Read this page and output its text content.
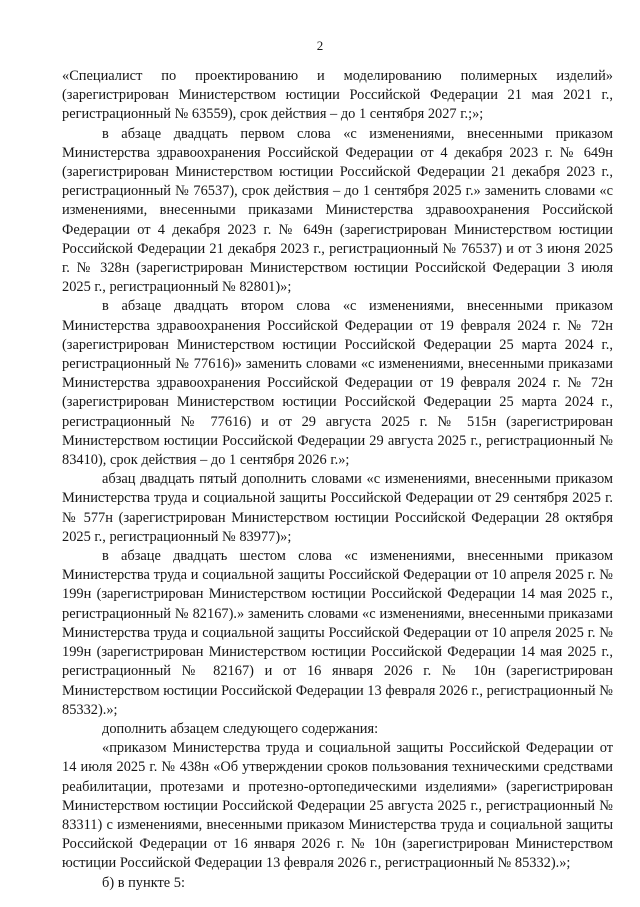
2

«Специалист по проектированию и моделированию полимерных изделий» (зарегистрирован Министерством юстиции Российской Федерации 21 мая 2021 г., регистрационный № 63559), срок действия – до 1 сентября 2027 г.;»;

в абзаце двадцать первом слова «с изменениями, внесенными приказом Министерства здравоохранения Российской Федерации от 4 декабря 2023 г. № 649н (зарегистрирован Министерством юстиции Российской Федерации 21 декабря 2023 г., регистрационный № 76537), срок действия – до 1 сентября 2025 г.» заменить словами «с изменениями, внесенными приказами Министерства здравоохранения Российской Федерации от 4 декабря 2023 г. № 649н (зарегистрирован Министерством юстиции Российской Федерации 21 декабря 2023 г., регистрационный № 76537) и от 3 июня 2025 г. № 328н (зарегистрирован Министерством юстиции Российской Федерации 3 июля 2025 г., регистрационный № 82801)»;

в абзаце двадцать втором слова «с изменениями, внесенными приказом Министерства здравоохранения Российской Федерации от 19 февраля 2024 г. № 72н (зарегистрирован Министерством юстиции Российской Федерации 25 марта 2024 г., регистрационный № 77616)» заменить словами «с изменениями, внесенными приказами Министерства здравоохранения Российской Федерации от 19 февраля 2024 г. № 72н (зарегистрирован Министерством юстиции Российской Федерации 25 марта 2024 г., регистрационный № 77616) и от 29 августа 2025 г. № 515н (зарегистрирован Министерством юстиции Российской Федерации 29 августа 2025 г., регистрационный № 83410), срок действия – до 1 сентября 2026 г.»;

абзац двадцать пятый дополнить словами «с изменениями, внесенными приказом Министерства труда и социальной защиты Российской Федерации от 29 сентября 2025 г. № 577н (зарегистрирован Министерством юстиции Российской Федерации 28 октября 2025 г., регистрационный № 83977)»;

в абзаце двадцать шестом слова «с изменениями, внесенными приказом Министерства труда и социальной защиты Российской Федерации от 10 апреля 2025 г. № 199н (зарегистрирован Министерством юстиции Российской Федерации 14 мая 2025 г., регистрационный № 82167).» заменить словами «с изменениями, внесенными приказами Министерства труда и социальной защиты Российской Федерации от 10 апреля 2025 г. № 199н (зарегистрирован Министерством юстиции Российской Федерации 14 мая 2025 г., регистрационный № 82167) и от 16 января 2026 г. № 10н (зарегистрирован Министерством юстиции Российской Федерации 13 февраля 2026 г., регистрационный № 85332).»;

дополнить абзацем следующего содержания:

«приказом Министерства труда и социальной защиты Российской Федерации от 14 июля 2025 г. № 438н «Об утверждении сроков пользования техническими средствами реабилитации, протезами и протезно-ортопедическими изделиями» (зарегистрирован Министерством юстиции Российской Федерации 25 августа 2025 г., регистрационный № 83311) с изменениями, внесенными приказом Министерства труда и социальной защиты Российской Федерации от 16 января 2026 г. № 10н (зарегистрирован Министерством юстиции Российской Федерации 13 февраля 2026 г., регистрационный № 85332).»;

б) в пункте 5:
